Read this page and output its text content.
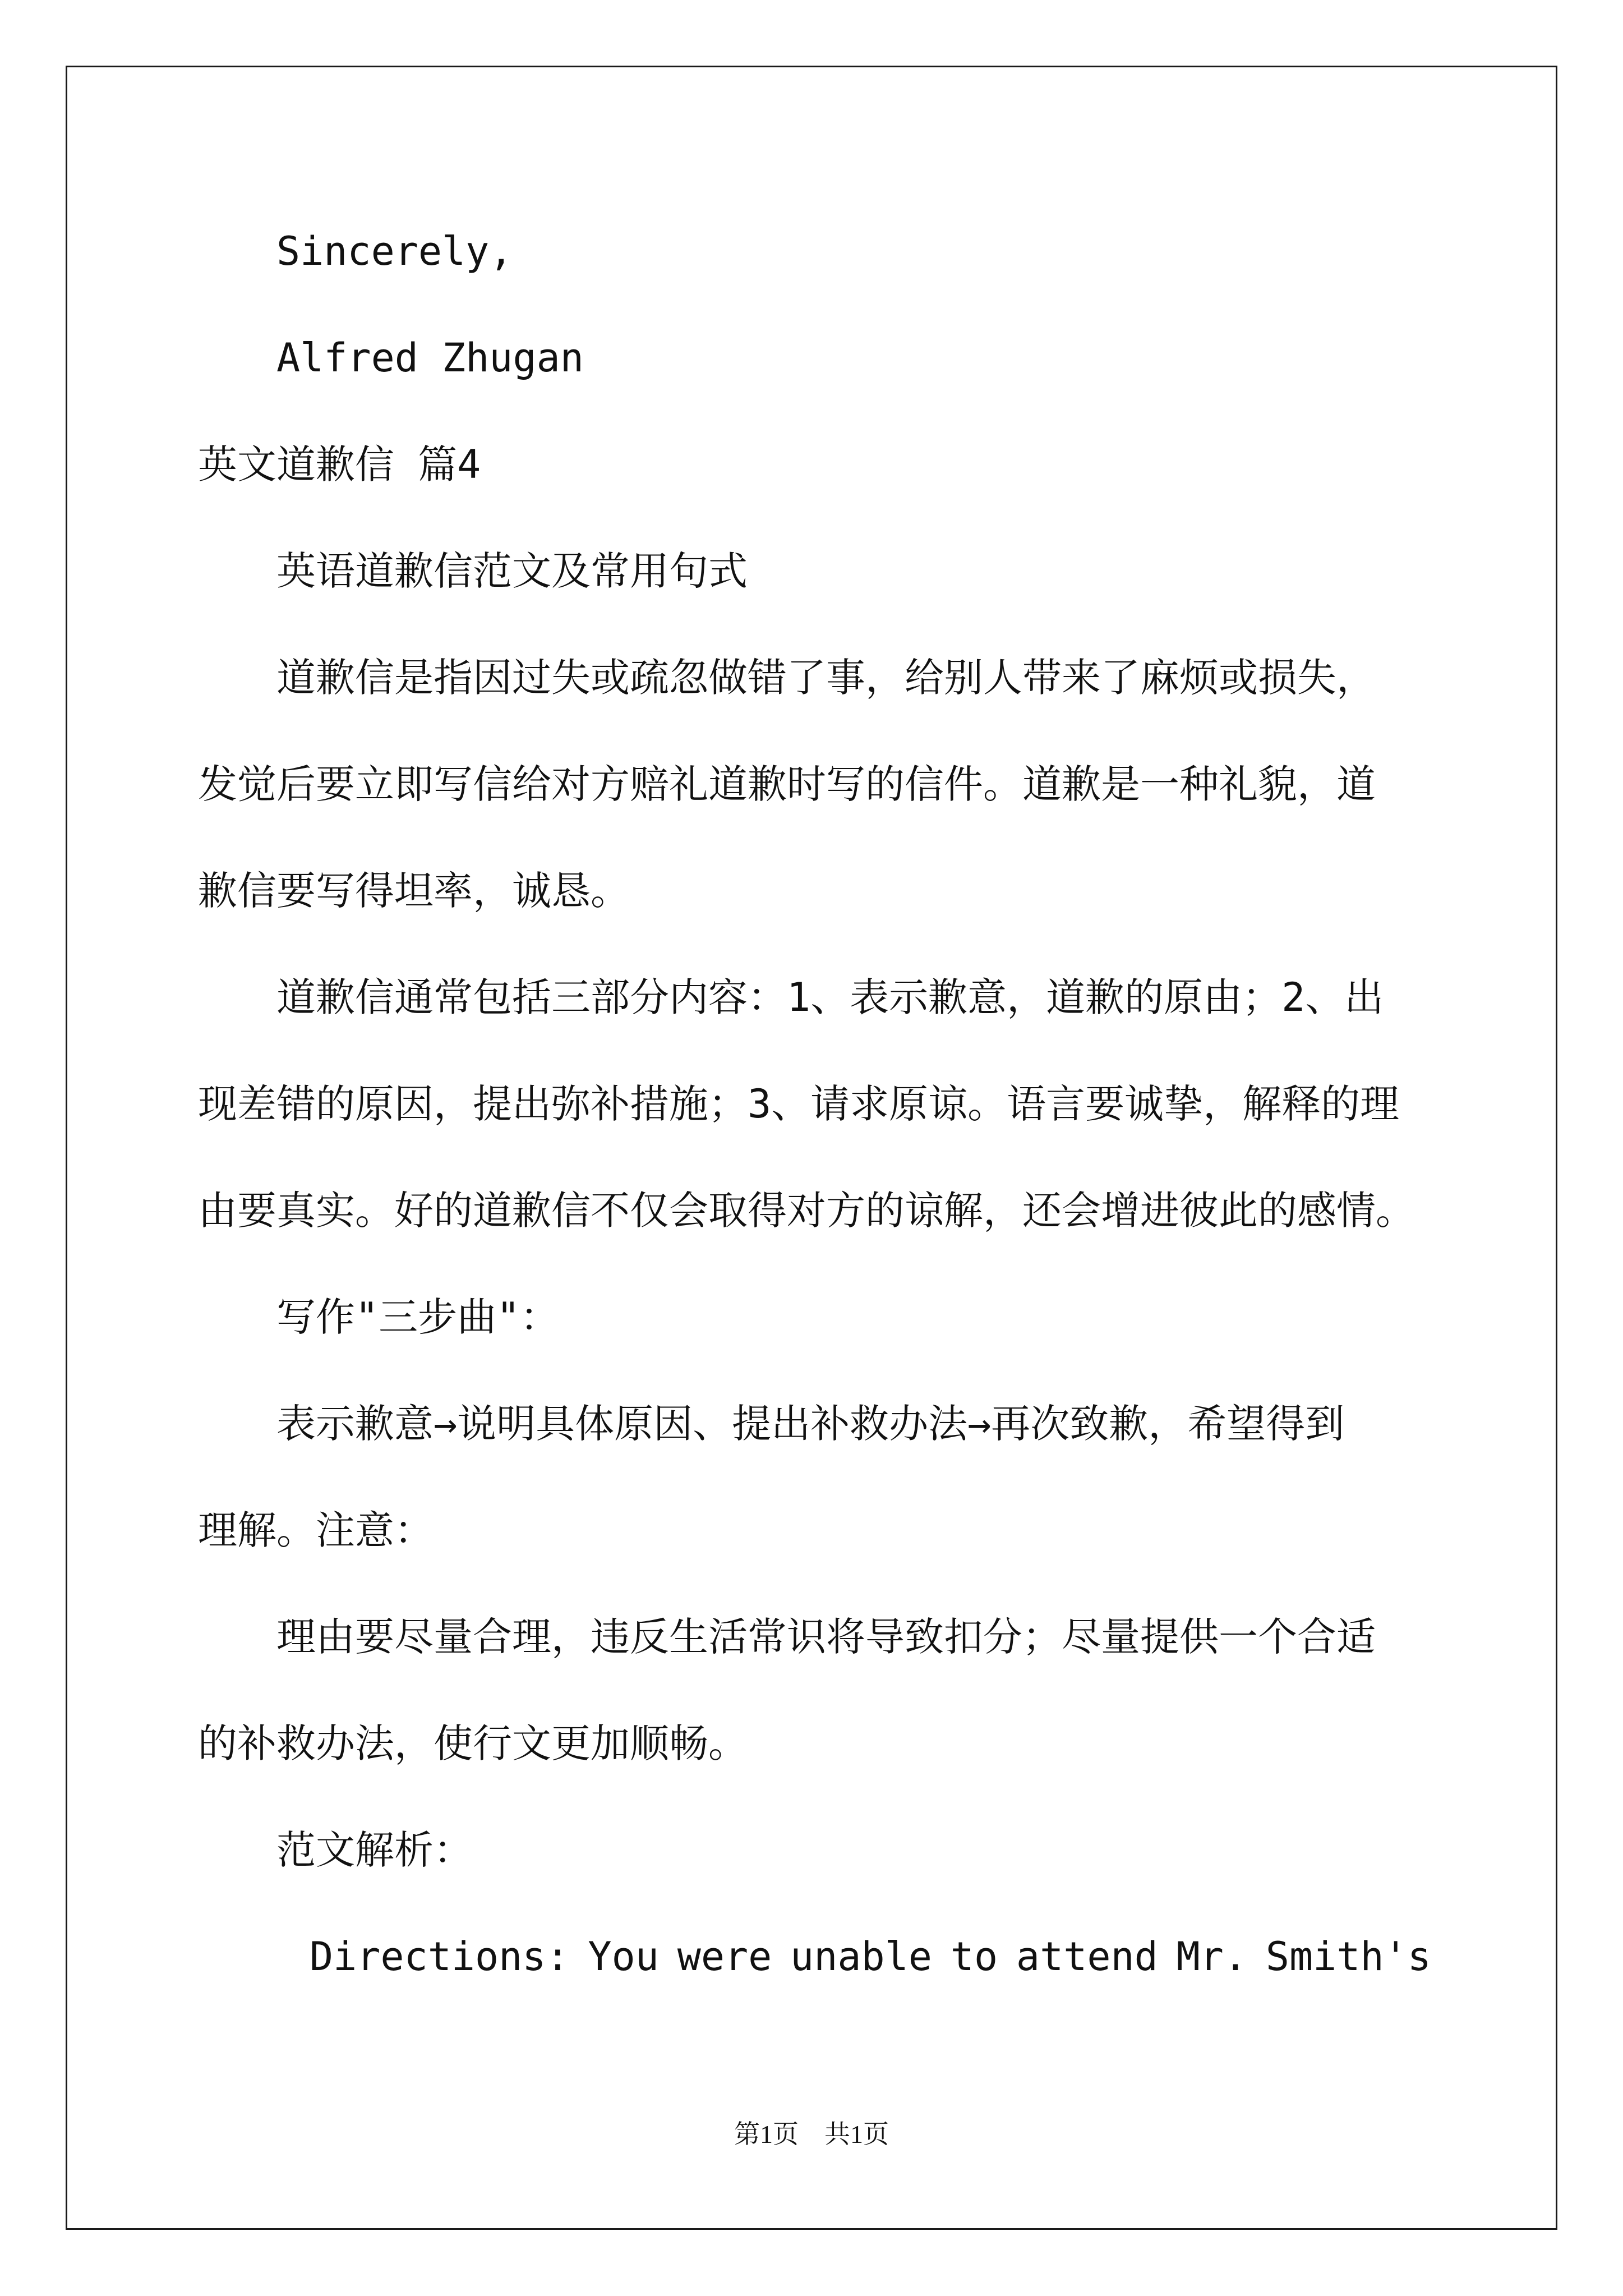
Sincerely,

Alfred Zhugan

英文道歉信 篇4

英语道歉信范文及常用句式

道歉信是指因过失或疏忽做错了事，给别人带来了麻烦或损失，

发觉后要立即写信给对方赔礼道歉时写的信件。道歉是一种礼貌，道

歉信要写得坦率，诚恳。

道歉信通常包括三部分内容：1、表示歉意，道歉的原由；2、出

现差错的原因，提出弥补措施；3、请求原谅。语言要诚挚，解释的理

由要真实。好的道歉信不仅会取得对方的谅解，还会增进彼此的感情。

写作"三步曲"：

表示歉意→说明具体原因、提出补救办法→再次致歉，希望得到

理解。注意：

理由要尽量合理，违反生活常识将导致扣分；尽量提供一个合适

的补救办法，使行文更加顺畅。

范文解析：

Directions: You were unable to attend Mr. Smith's
第1页　共1页
